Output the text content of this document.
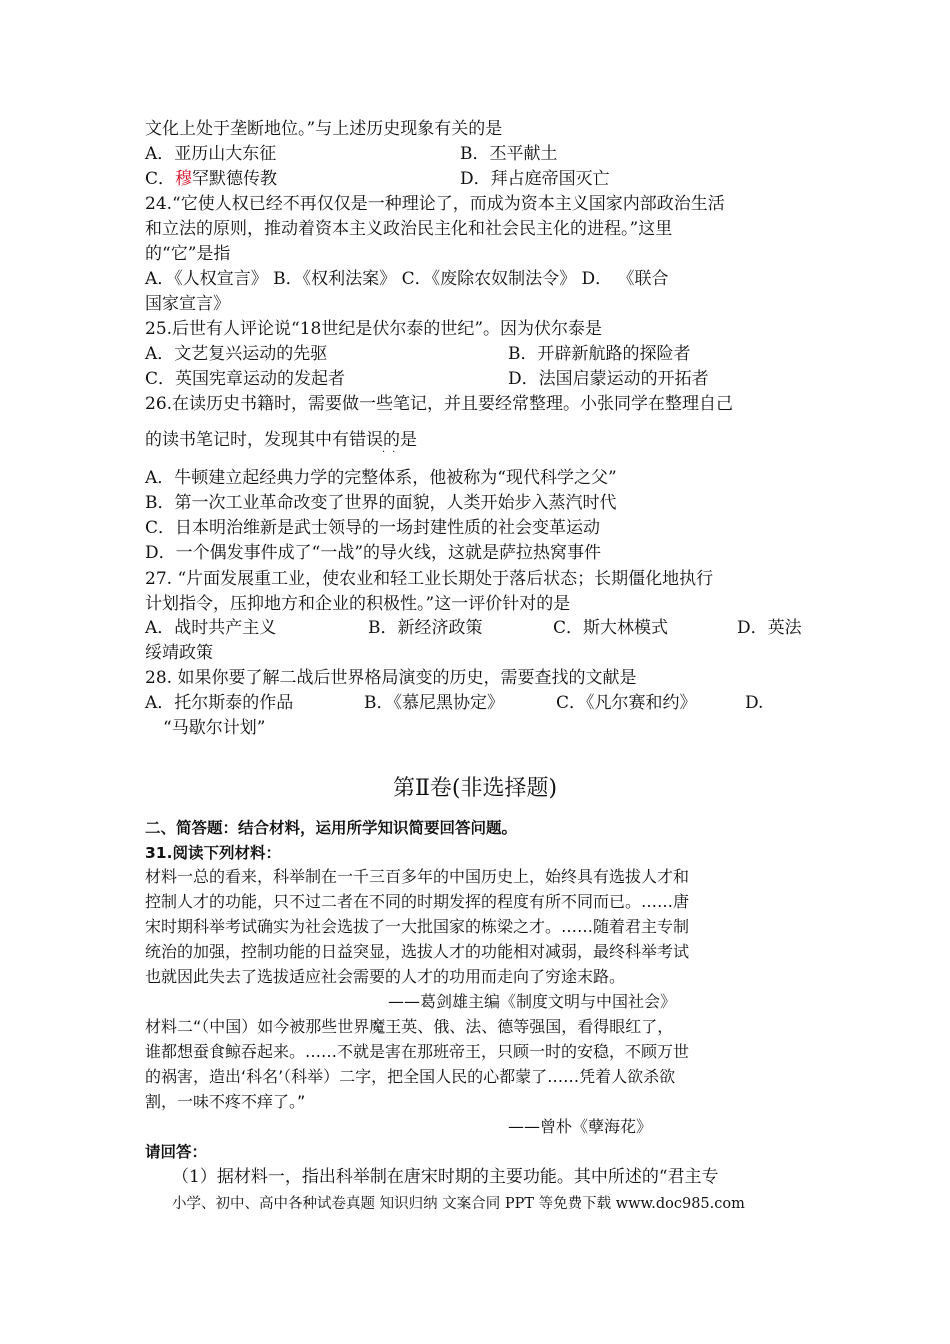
文化上处于垄断地位。”与上述历史现象有关的是
A．亚历山大东征	B．丕平献土
C．穆罕默德传教	D．拜占庭帝国灭亡
24.“它使人权已经不再仅仅是一种理论了，而成为资本主义国家内部政治生活
和立法的原则，推动着资本主义政治民主化和社会民主化的进程。”这里
的“它”是指
A．《人权宣言》 B．《权利法案》 C．《废除农奴制法令》 D． 《联合
国家宣言》
25.后世有人评论说“18世纪是伏尔泰的世纪”。因为伏尔泰是
A．文艺复兴运动的先驱	B．开辟新航路的探险者
C．英国宪章运动的发起者	D．法国启蒙运动的开拓者
26.在读历史书籍时，需要做一些笔记，并且要经常整理。小张同学在整理自己
的读书笔记时，发现其中有错误的是
··
A．牛顿建立起经典力学的完整体系，他被称为“现代科学之父”
B．第一次工业革命改变了世界的面貌，人类开始步入蒸汽时代
C．日本明治维新是武士领导的一场封建性质的社会变革运动
D．一个偶发事件成了“一战”的导火线，这就是萨拉热窝事件
27. “片面发展重工业，使农业和轻工业长期处于落后状态；长期僵化地执行
计划指令，压抑地方和企业的积极性。”这一评价针对的是
A．战时共产主义	B．新经济政策	C．斯大林模式	D．英法
绥靖政策
28. 如果你要了解二战后世界格局演变的历史，需要查找的文献是
A．托尔斯泰的作品	B．《慕尼黑协定》	C．《凡尔赛和约》	D.
“马歇尔计划”
第Ⅱ卷(非选择题)
二、简答题：结合材料，运用所学知识简要回答问题。
31.阅读下列材料：
材料一总的看来，科举制在一千三百多年的中国历史上，始终具有选拔人才和
控制人才的功能，只不过二者在不同的时期发挥的程度有所不同而已。……唐
宋时期科举考试确实为社会选拔了一大批国家的栋梁之才。……随着君主专制
统治的加强，控制功能的日益突显，选拔人才的功能相对减弱，最终科举考试
也就因此失去了选拔适应社会需要的人才的功用而走向了穷途末路。
——葛剑雄主编《制度文明与中国社会》
材料二“（中国）如今被那些世界魔王英、俄、法、德等强国，看得眼红了，
谁都想蚕食鲸吞起来。……不就是害在那班帝王，只顾一时的安稳，不顾万世
的祸害，造出‘科名’（科举）二字，把全国人民的心都蒙了……凭着人欲杀欲
割，一味不疼不痒了。”
——曾朴《孽海花》
请回答：
（1）据材料一，指出科举制在唐宋时期的主要功能。其中所述的“君主专
小学、初中、高中各种试卷真题 知识归纳 文案合同 PPT 等免费下载 www.doc985.com
